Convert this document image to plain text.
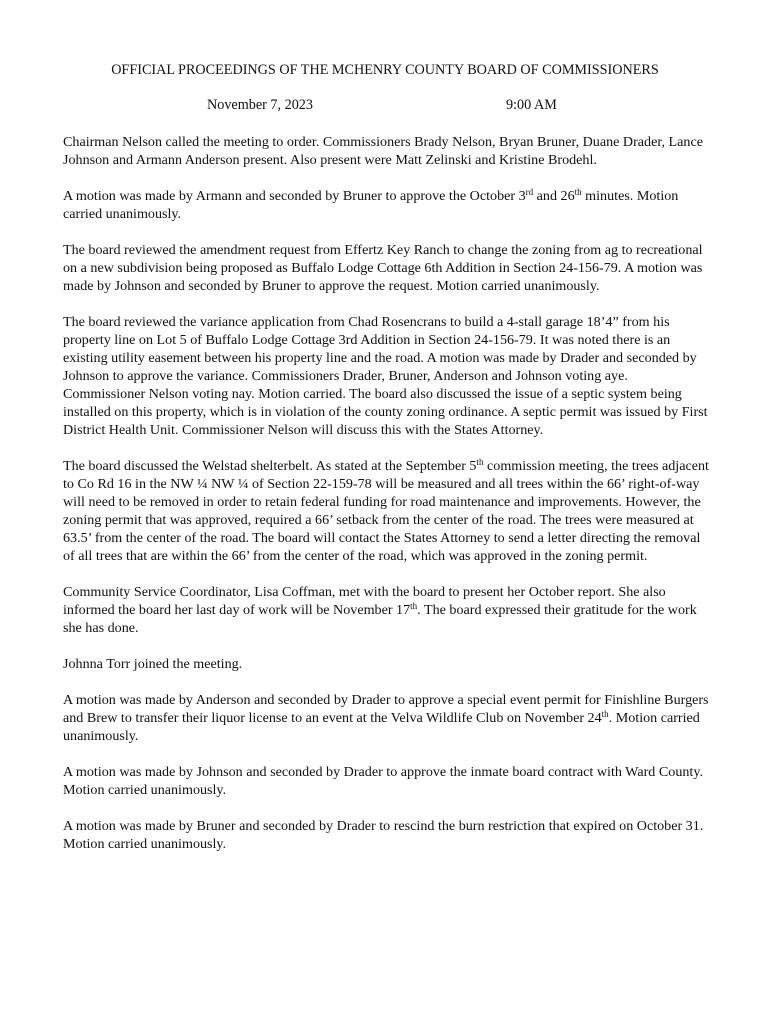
OFFICIAL PROCEEDINGS OF THE MCHENRY COUNTY BOARD OF COMMISSIONERS
November 7, 2023	9:00 AM

Chairman Nelson called the meeting to order. Commissioners Brady Nelson, Bryan Bruner, Duane Drader, Lance Johnson and Armann Anderson present. Also present were Matt Zelinski and Kristine Brodehl.

A motion was made by Armann and seconded by Bruner to approve the October 3rd and 26th minutes. Motion carried unanimously.

The board reviewed the amendment request from Effertz Key Ranch to change the zoning from ag to recreational on a new subdivision being proposed as Buffalo Lodge Cottage 6th Addition in Section 24-156-79. A motion was made by Johnson and seconded by Bruner to approve the request. Motion carried unanimously.

The board reviewed the variance application from Chad Rosencrans to build a 4-stall garage 18’4” from his property line on Lot 5 of Buffalo Lodge Cottage 3rd Addition in Section 24-156-79. It was noted there is an existing utility easement between his property line and the road. A motion was made by Drader and seconded by Johnson to approve the variance. Commissioners Drader, Bruner, Anderson and Johnson voting aye. Commissioner Nelson voting nay. Motion carried. The board also discussed the issue of a septic system being installed on this property, which is in violation of the county zoning ordinance. A septic permit was issued by First District Health Unit. Commissioner Nelson will discuss this with the States Attorney.

The board discussed the Welstad shelterbelt. As stated at the September 5th commission meeting, the trees adjacent to Co Rd 16 in the NW ¼ NW ¼ of Section 22-159-78 will be measured and all trees within the 66’ right-of-way will need to be removed in order to retain federal funding for road maintenance and improvements. However, the zoning permit that was approved, required a 66’ setback from the center of the road. The trees were measured at 63.5’ from the center of the road. The board will contact the States Attorney to send a letter directing the removal of all trees that are within the 66’ from the center of the road, which was approved in the zoning permit.

Community Service Coordinator, Lisa Coffman, met with the board to present her October report. She also informed the board her last day of work will be November 17th. The board expressed their gratitude for the work she has done.

Johnna Torr joined the meeting.

A motion was made by Anderson and seconded by Drader to approve a special event permit for Finishline Burgers and Brew to transfer their liquor license to an event at the Velva Wildlife Club on November 24th. Motion carried unanimously.

A motion was made by Johnson and seconded by Drader to approve the inmate board contract with Ward County. Motion carried unanimously.

A motion was made by Bruner and seconded by Drader to rescind the burn restriction that expired on October 31. Motion carried unanimously.
